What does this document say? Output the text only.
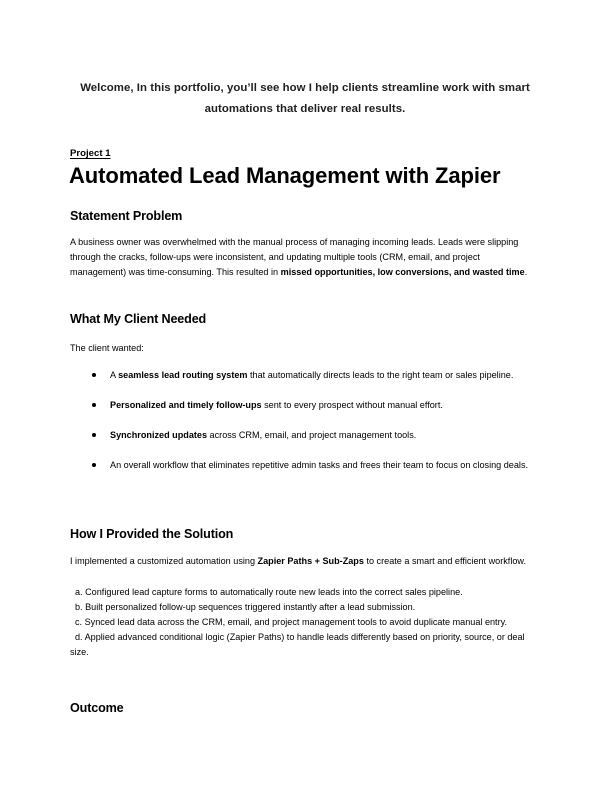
Welcome, In this portfolio, you’ll see how I help clients streamline work with smart automations that deliver real results.
Project 1
Automated Lead Management with Zapier
Statement Problem
A business owner was overwhelmed with the manual process of managing incoming leads. Leads were slipping through the cracks, follow-ups were inconsistent, and updating multiple tools (CRM, email, and project management) was time-consuming. This resulted in missed opportunities, low conversions, and wasted time.
What My Client Needed
The client wanted:
A seamless lead routing system that automatically directs leads to the right team or sales pipeline.
Personalized and timely follow-ups sent to every prospect without manual effort.
Synchronized updates across CRM, email, and project management tools.
An overall workflow that eliminates repetitive admin tasks and frees their team to focus on closing deals.
How I Provided the Solution
I implemented a customized automation using Zapier Paths + Sub-Zaps to create a smart and efficient workflow.
a. Configured lead capture forms to automatically route new leads into the correct sales pipeline.
b. Built personalized follow-up sequences triggered instantly after a lead submission.
c. Synced lead data across the CRM, email, and project management tools to avoid duplicate manual entry.
d. Applied advanced conditional logic (Zapier Paths) to handle leads differently based on priority, source, or deal size.
Outcome
